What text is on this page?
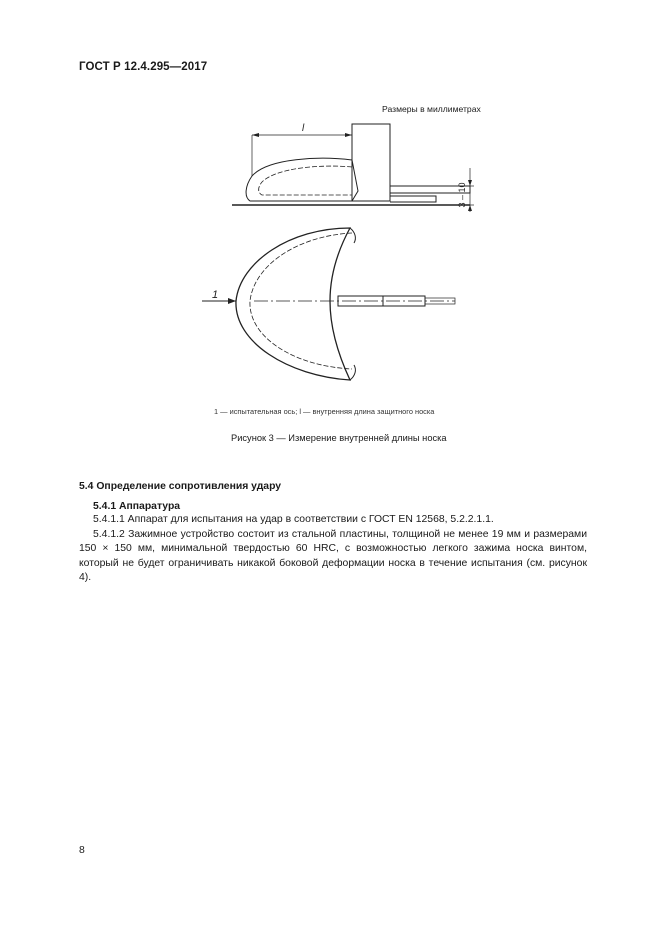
ГОСТ Р 12.4.295—2017
Размеры в миллиметрах
l
3 – 10
1
1 — испытательная ось; l — внутренняя длина защитного носка
Рисунок 3 — Измерение внутренней длины носка
5.4 Определение сопротивления удару
5.4.1 Аппаратура

5.4.1.1 Аппарат для испытания на удар в соответствии с ГОСТ EN 12568, 5.2.2.1.1.

5.4.1.2 Зажимное устройство состоит из стальной пластины, толщиной не менее 19 мм и размерами 150 × 150 мм, минимальной твердостью 60 HRC, с возможностью легкого зажима носка винтом, который не будет ограничивать никакой боковой деформации носка в течение испытания (см. рисунок 4).

8
